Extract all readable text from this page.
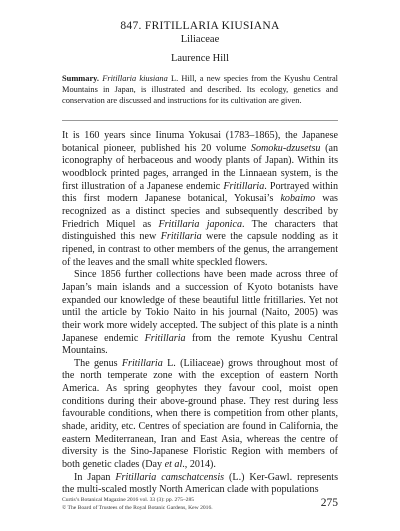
847. FRITILLARIA KIUSIANA
Liliaceae
Laurence Hill
Summary. Fritillaria kiusiana L. Hill, a new species from the Kyushu Central Mountains in Japan, is illustrated and described. Its ecology, genetics and conservation are discussed and instructions for its cultivation are given.

It is 160 years since Iinuma Yokusai (1783–1865), the Japanese botanical pioneer, published his 20 volume Somoku-dzusetsu (an iconography of herbaceous and woody plants of Japan). Within its woodblock printed pages, arranged in the Linnaean system, is the first illustration of a Japanese endemic Fritillaria. Portrayed within this first modern Japanese botanical, Yokusai’s kobaimo was recognized as a distinct species and subsequently described by Friedrich Miquel as Fritillaria japonica. The characters that distinguished this new Fritillaria were the capsule nodding as it ripened, in contrast to other members of the genus, the arrangement of the leaves and the small white speckled flowers.

Since 1856 further collections have been made across three of Japan’s main islands and a succession of Kyoto botanists have expanded our knowledge of these beautiful little fritillaries. Yet not until the article by Tokio Naito in his journal (Naito, 2005) was their work more widely accepted. The subject of this plate is a ninth Japanese endemic Fritillaria from the remote Kyushu Central Mountains.

The genus Fritillaria L. (Liliaceae) grows throughout most of the north temperate zone with the exception of eastern North America. As spring geophytes they favour cool, moist open conditions during their above-ground phase. They rest during less favourable conditions, when there is competition from other plants, shade, aridity, etc. Centres of speciation are found in California, the eastern Mediterranean, Iran and East Asia, whereas the centre of diversity is the Sino-Japanese Floristic Region with members of both genetic clades (Day et al., 2014).

In Japan Fritillaria camschatcensis (L.) Ker-Gawl. represents the multi-scaled mostly North American clade with populations

Curtis’s Botanical Magazine 2016 vol. 33 (3): pp. 275–285
© The Board of Trustees of the Royal Botanic Gardens, Kew 2016.	275
